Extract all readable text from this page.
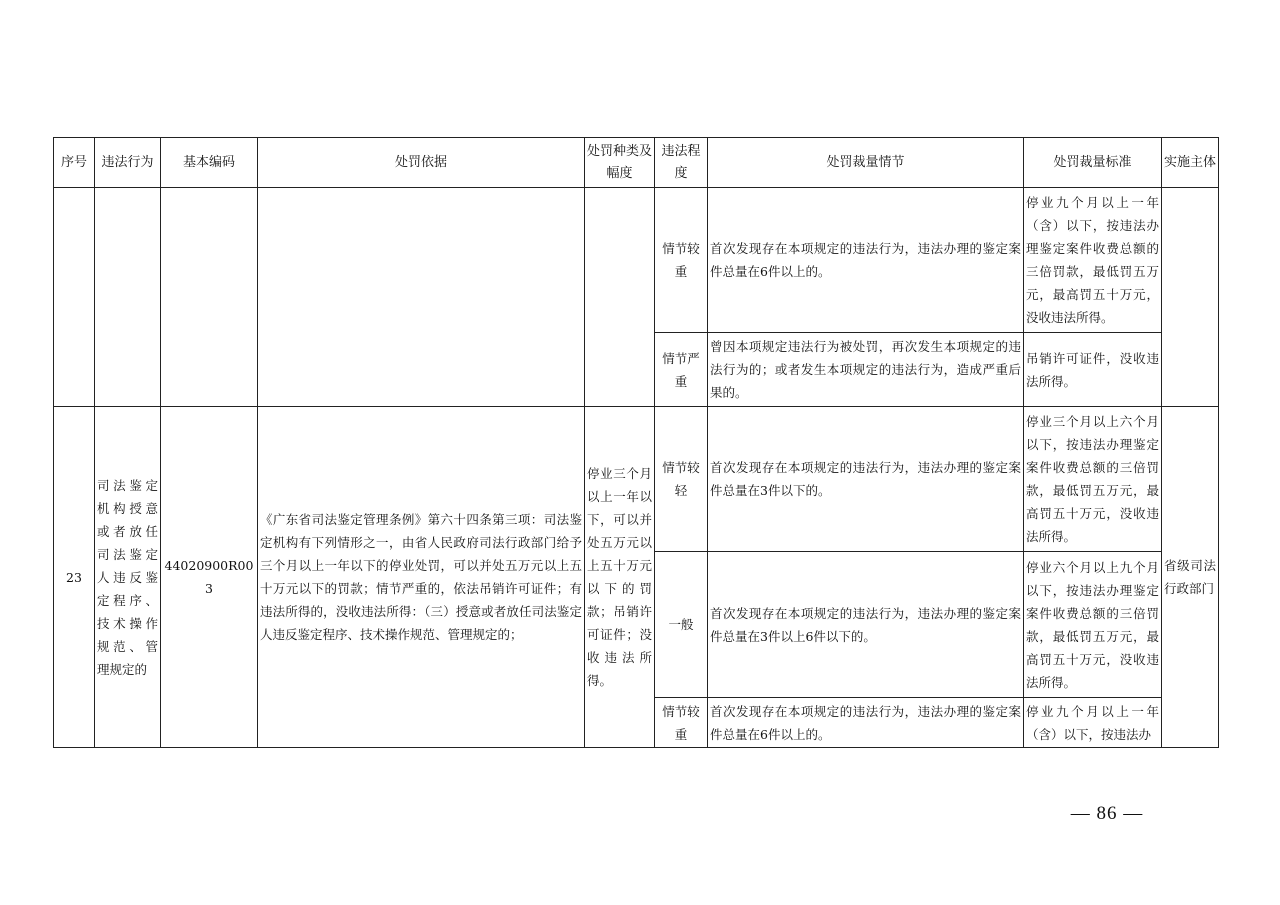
序号	违法行为	基本编码	处罚依据	处罚种类及幅度	违法程度	处罚裁量情节	处罚裁量标准	实施主体
					情节较重	首次发现存在本项规定的违法行为，违法办理的鉴定案件总量在6件以上的。	停业九个月以上一年（含）以下，按违法办理鉴定案件收费总额的三倍罚款，最低罚五万元，最高罚五十万元，没收违法所得。	
					情节严重	曾因本项规定违法行为被处罚，再次发生本项规定的违法行为的；或者发生本项规定的违法行为，造成严重后果的。	吊销许可证件，没收违法所得。	
23	司法鉴定机构授意或者放任司法鉴定人违反鉴定程序、技术操作规范、管理规定的	44020900R003	《广东省司法鉴定管理条例》第六十四条第三项：司法鉴定机构有下列情形之一，由省人民政府司法行政部门给予三个月以上一年以下的停业处罚，可以并处五万元以上五十万元以下的罚款；情节严重的，依法吊销许可证件；有违法所得的，没收违法所得：（三）授意或者放任司法鉴定人违反鉴定程序、技术操作规范、管理规定的；	停业三个月以上一年以下，可以并处五万元以上五十万元以下的罚款；吊销许可证件；没收违法所得。	情节较轻	首次发现存在本项规定的违法行为，违法办理的鉴定案件总量在3件以下的。	停业三个月以上六个月以下，按违法办理鉴定案件收费总额的三倍罚款，最低罚五万元，最高罚五十万元，没收违法所得。	省级司法行政部门
					一般	首次发现存在本项规定的违法行为，违法办理的鉴定案件总量在3件以上6件以下的。	停业六个月以上九个月以下，按违法办理鉴定案件收费总额的三倍罚款，最低罚五万元，最高罚五十万元，没收违法所得。	
					情节较重	首次发现存在本项规定的违法行为，违法办理的鉴定案件总量在6件以上的。	停业九个月以上一年（含）以下，按违法办	
— 86 —
